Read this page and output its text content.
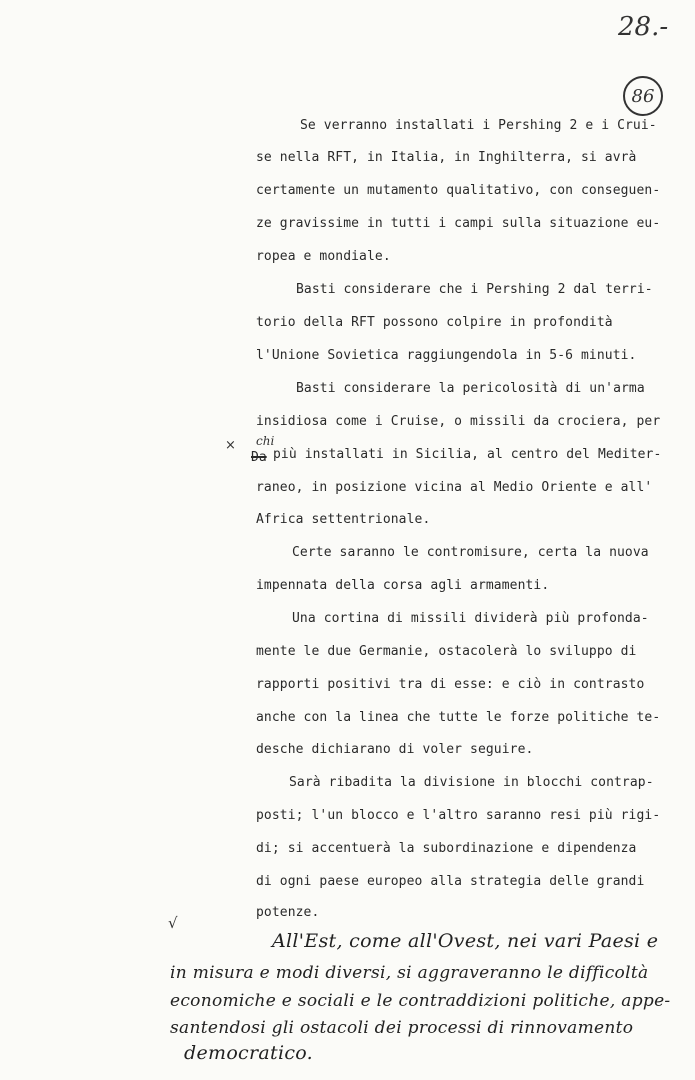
28.-
86
Se verranno installati i Pershing 2 e i Crui-
se nella RFT, in Italia, in Inghilterra, si avrà
certamente un mutamento qualitativo, con conseguen-
ze gravissime in tutti i campi sulla situazione eu-
ropea e mondiale.
Basti considerare che i Pershing 2 dal terri-
torio della RFT possono colpire in profondità
l'Unione Sovietica raggiungendola in 5-6 minuti.
Basti considerare la pericolosità di un'arma
insidiosa come i Cruise, o missili da crociera, per
× chi
Da più installati in Sicilia, al centro del Mediter-
raneo, in posizione vicina al Medio Oriente e all'
Africa settentrionale.
Certe saranno le contromisure, certa la nuova
impennata della corsa agli armamenti.
Una cortina di missili dividerà più profonda-
mente le due Germanie, ostacolerà lo sviluppo di
rapporti positivi tra di esse: e ciò in contrasto
anche con la linea che tutte le forze politiche te-
desche dichiarano di voler seguire.
Sarà ribadita la divisione in blocchi contrap-
posti; l'un blocco e l'altro saranno resi più rigi-
di; si accentuerà la subordinazione e dipendenza
di ogni paese europeo alla strategia delle grandi
potenze.
√
All'Est, come all'Ovest, nei vari Paesi e
in misura e modi diversi, si aggraveranno le difficoltà
economiche e sociali e le contraddizioni politiche, appe-
santendosi gli ostacoli dei processi di rinnovamento
democratico.
